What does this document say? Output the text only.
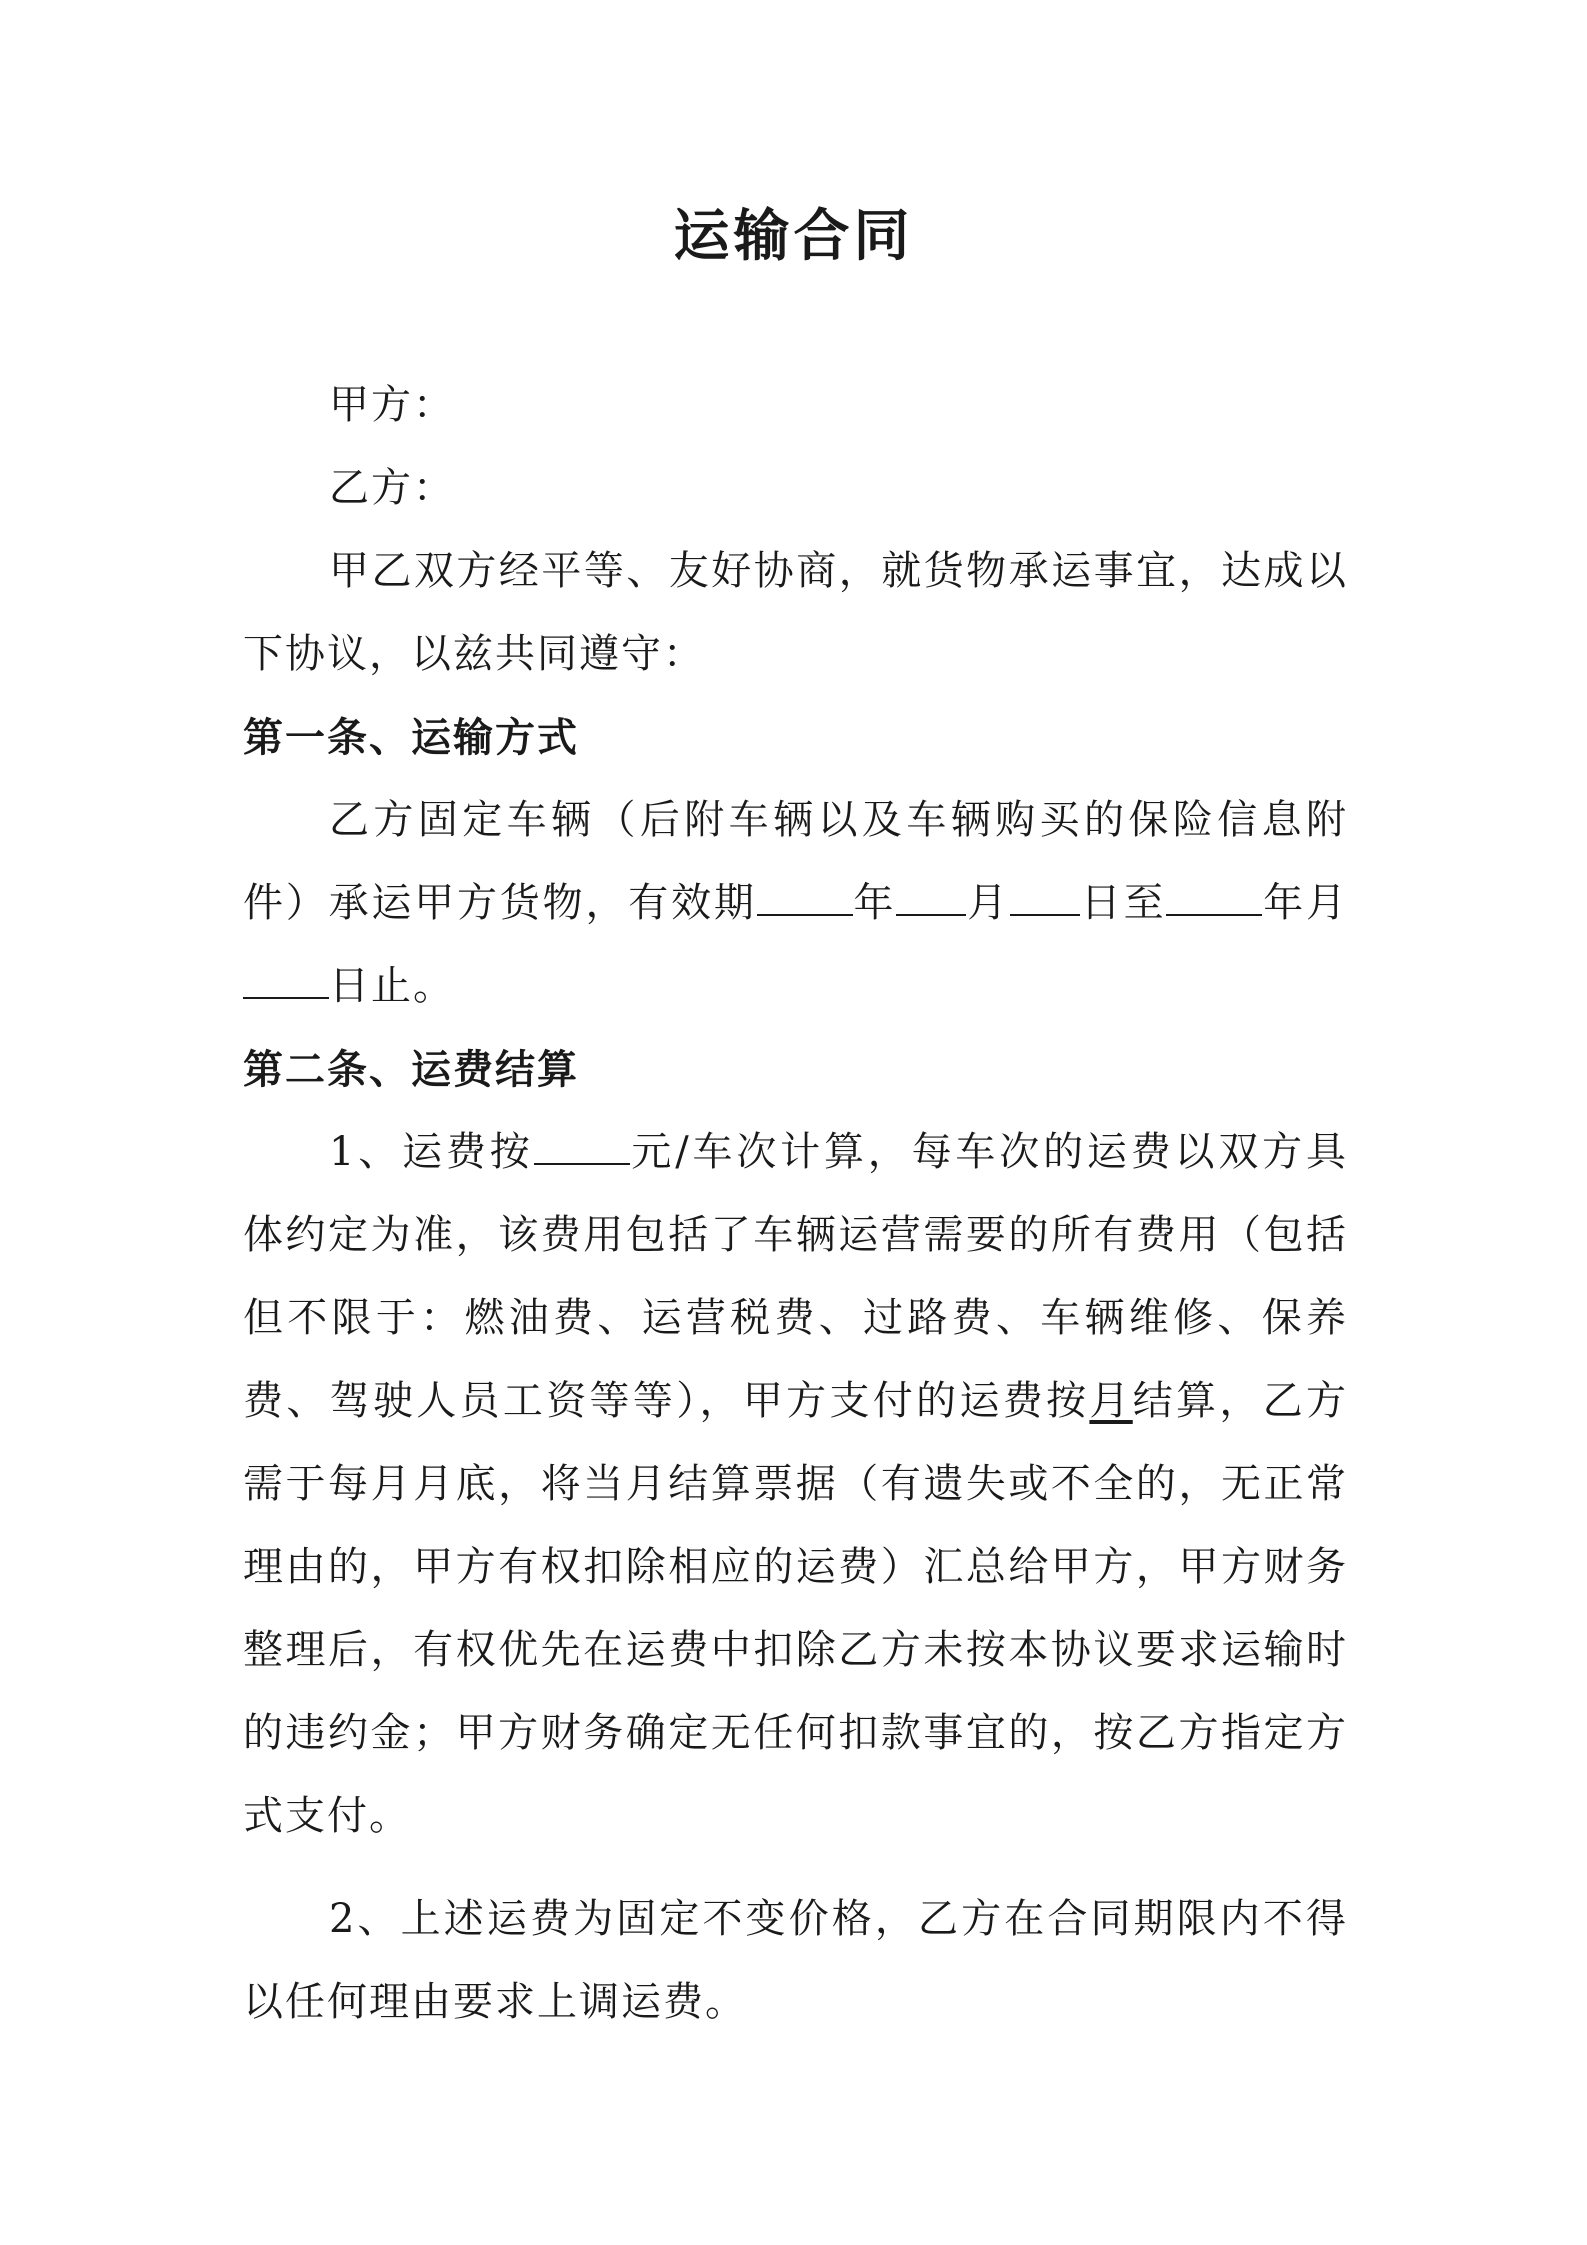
运输合同

甲方：

乙方：

甲乙双方经平等、友好协商，就货物承运事宜，达成以下协议，以兹共同遵守：

第一条、运输方式

乙方固定车辆（后附车辆以及车辆购买的保险信息附件）承运甲方货物，有效期 年 月 日至 年月日止。

第二条、运费结算

1、运费按 元/车次计算，每车次的运费以双方具体约定为准，该费用包括了车辆运营需要的所有费用（包括但不限于：燃油费、运营税费、过路费、车辆维修、保养费、驾驶人员工资等等），甲方支付的运费按月结算，乙方需于每月月底，将当月结算票据（有遗失或不全的，无正常理由的，甲方有权扣除相应的运费）汇总给甲方，甲方财务整理后，有权优先在运费中扣除乙方未按本协议要求运输时的违约金；甲方财务确定无任何扣款事宜的，按乙方指定方式支付。

2、上述运费为固定不变价格，乙方在合同期限内不得以任何理由要求上调运费。
